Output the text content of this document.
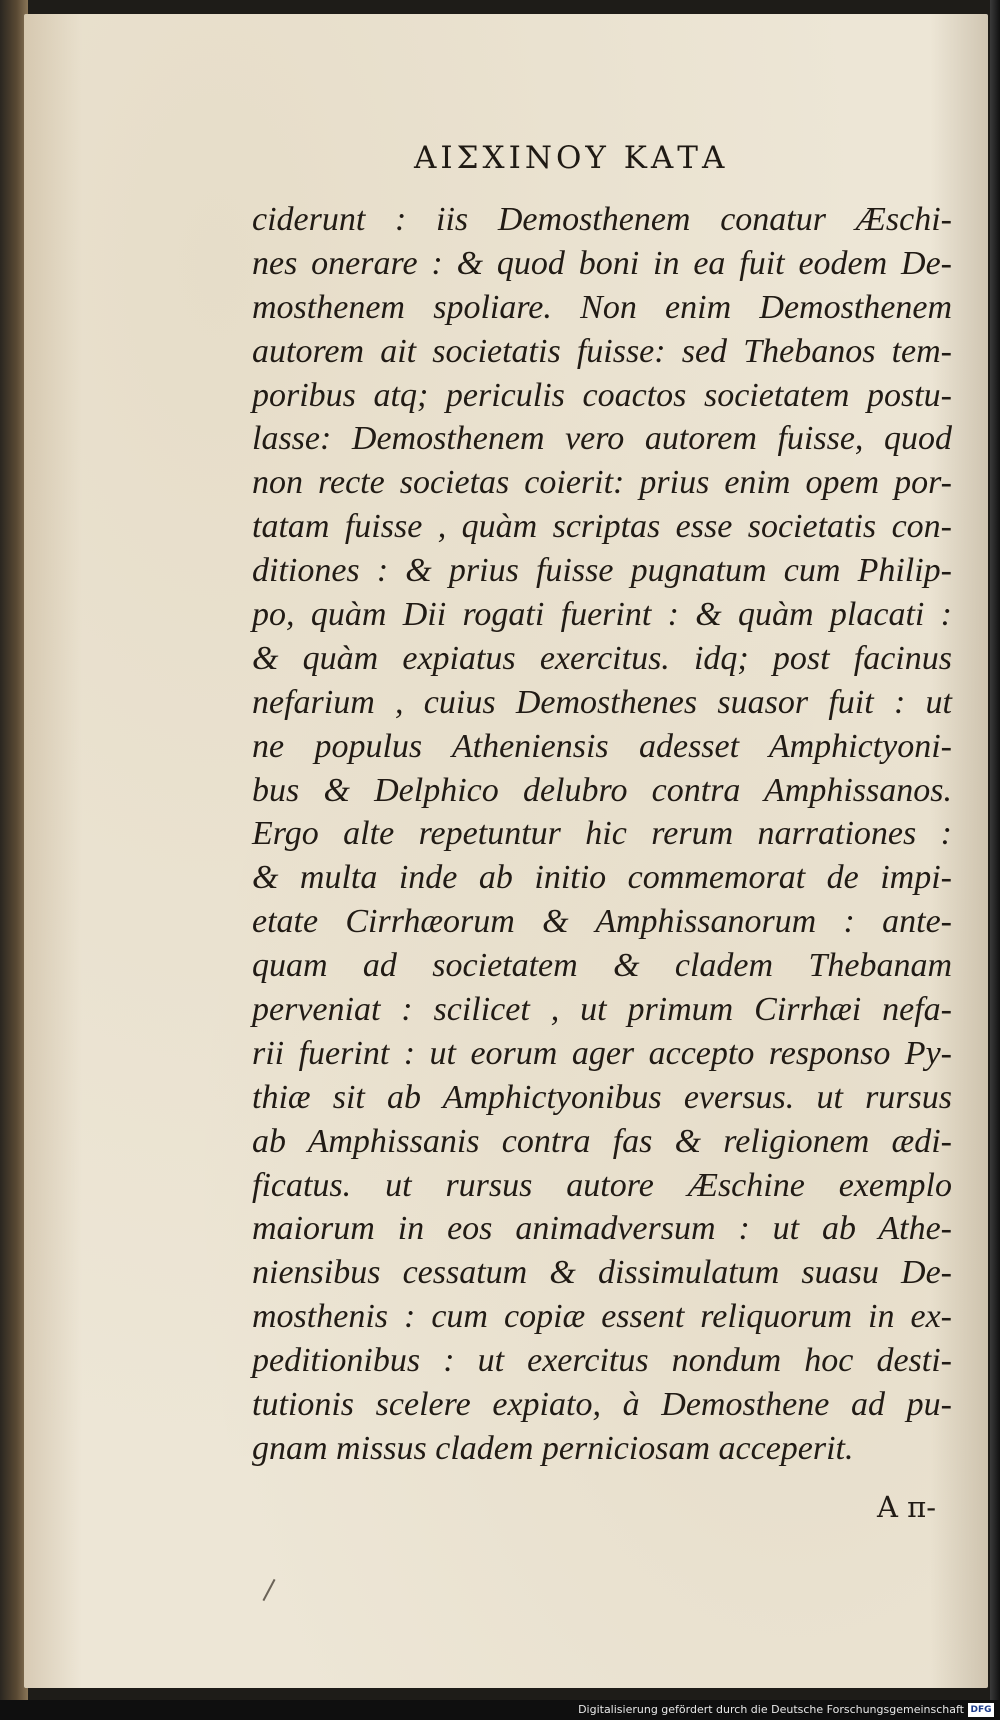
ΑΙΣΧΙΝΟΥ ΚΑΤΑ
ciderunt : iis Demosthenem conatur Æschi-
nes onerare : & quod boni in ea fuit eodem De-
mosthenem spoliare. Non enim Demosthenem
autorem ait societatis fuisse: sed Thebanos tem-
poribus atq; periculis coactos societatem postu-
lasse: Demosthenem vero autorem fuisse, quod
non recte societas coierit: prius enim opem por-
tatam fuisse , quàm scriptas esse societatis con-
ditiones : & prius fuisse pugnatum cum Philip-
po, quàm Dii rogati fuerint : & quàm placati :
& quàm expiatus exercitus. idq; post facinus
nefarium , cuius Demosthenes suasor fuit : ut
ne populus Atheniensis adesset Amphictyoni-
bus & Delphico delubro contra Amphissanos.
Ergo alte repetuntur hic rerum narrationes :
& multa inde ab initio commemorat de impi-
etate Cirrhæorum & Amphissanorum : ante-
quam ad societatem & cladem Thebanam
perveniat : scilicet , ut primum Cirrhæi nefa-
rii fuerint : ut eorum ager accepto responso Py-
thiæ sit ab Amphictyonibus eversus. ut rursus
ab Amphissanis contra fas & religionem ædi-
ficatus. ut rursus autore Æschine exemplo
maiorum in eos animadversum : ut ab Athe-
niensibus cessatum & dissimulatum suasu De-
mosthenis : cum copiæ essent reliquorum in ex-
peditionibus : ut exercitus nondum hoc desti-
tutionis scelere expiato, à Demosthene ad pu-
gnam missus cladem perniciosam acceperit.
A π-
Digitalisierung gefördert durch die Deutsche Forschungsgemeinschaft DFG
